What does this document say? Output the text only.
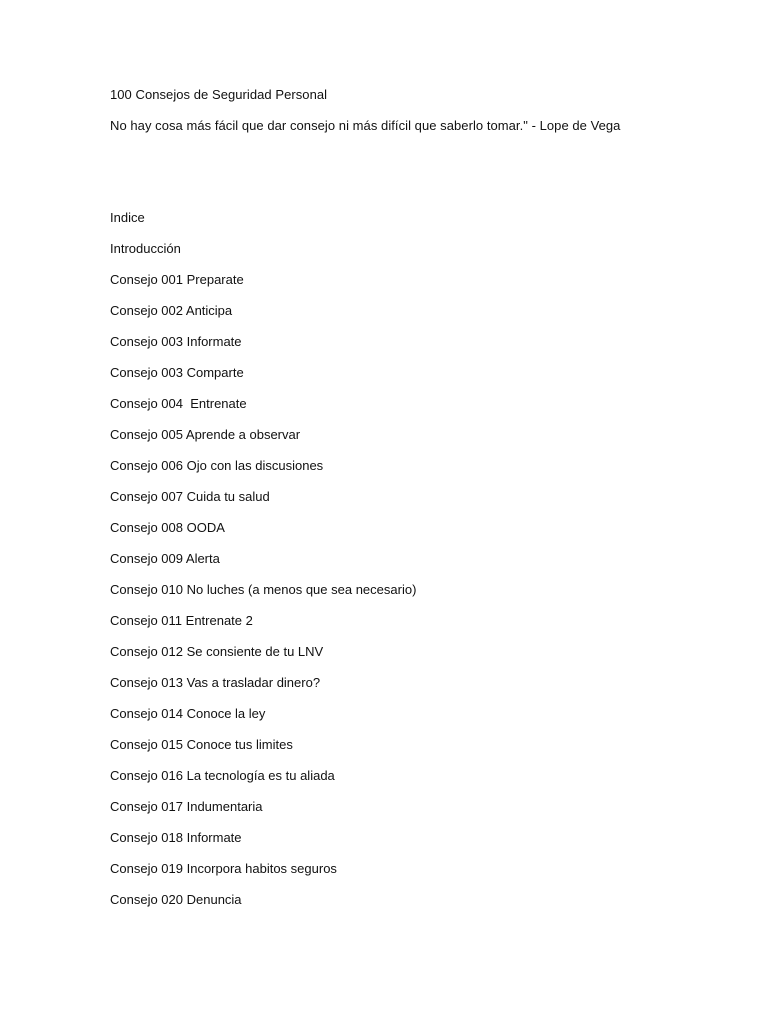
100 Consejos de Seguridad Personal
No hay cosa más fácil que dar consejo ni más difícil que saberlo tomar." - Lope de Vega
Indice
Introducción
Consejo 001 Preparate
Consejo 002 Anticipa
Consejo 003 Informate
Consejo 003 Comparte
Consejo 004  Entrenate
Consejo 005 Aprende a observar
Consejo 006 Ojo con las discusiones
Consejo 007 Cuida tu salud
Consejo 008 OODA
Consejo 009 Alerta
Consejo 010 No luches (a menos que sea necesario)
Consejo 011 Entrenate 2
Consejo 012 Se consiente de tu LNV
Consejo 013 Vas a trasladar dinero?
Consejo 014 Conoce la ley
Consejo 015 Conoce tus limites
Consejo 016 La tecnología es tu aliada
Consejo 017 Indumentaria
Consejo 018 Informate
Consejo 019 Incorpora habitos seguros
Consejo 020 Denuncia
